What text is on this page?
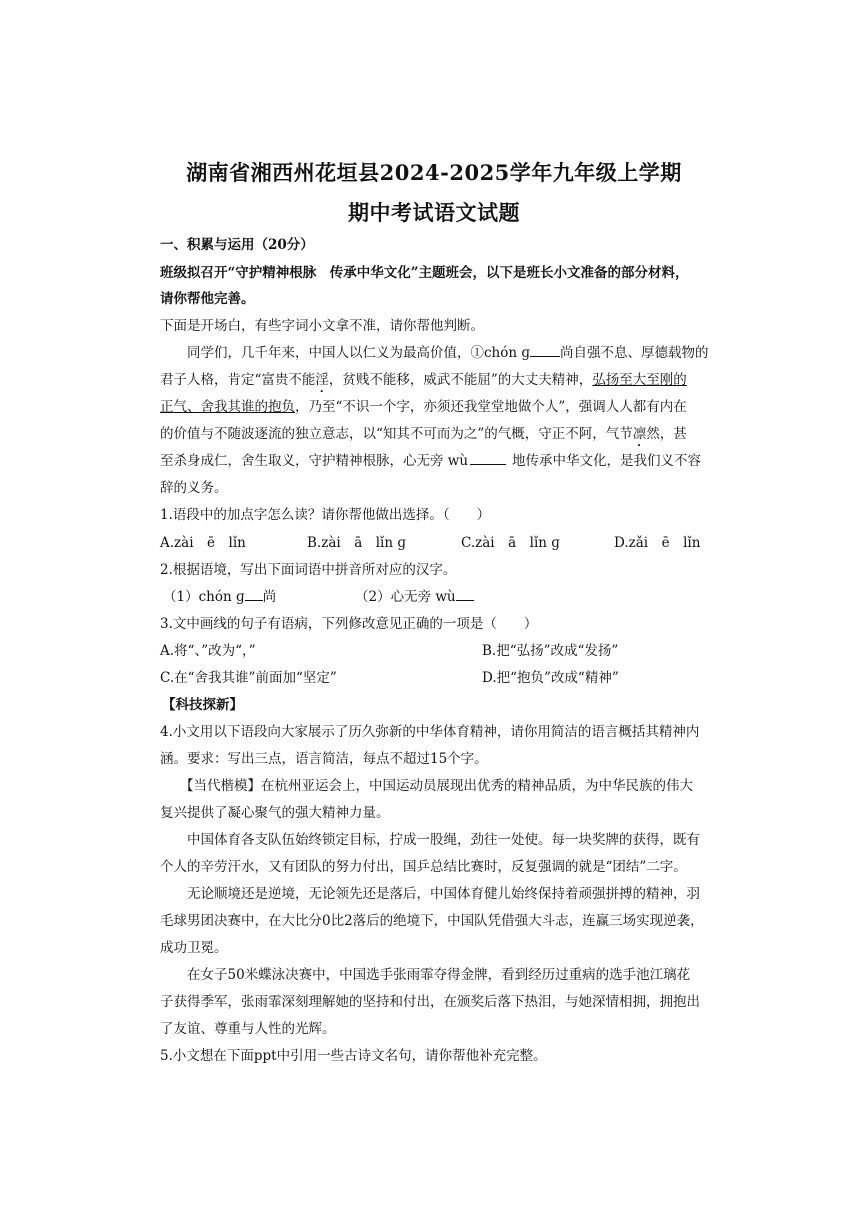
湖南省湘西州花垣县2024-2025学年九年级上学期
期中考试语文试题
一、积累与运用（20分）
班级拟召开“守护精神根脉　传承中华文化”主题班会，以下是班长小文准备的部分材料，
请你帮他完善。
下面是开场白，有些字词小文拿不准，请你帮他判断。
同学们，几千年来，中国人以仁义为最高价值，①chón ɡ 尚自强不息、厚德载物的
君子人格，肯定“富贵不能淫，贫贱不能移，威武不能屈”的大丈夫精神，弘扬至大至刚的
正气、舍我其谁的抱负，乃至“不识一个字，亦须还我堂堂地做个人”，强调人人都有内在
的价值与不随波逐流的独立意志，以“知其不可而为之”的气概，守正不阿，气节凛然，甚
至杀身成仁，舍生取义，守护精神根脉，心无旁 wù	地传承中华文化，是我们义不容
辞的义务。
1.语段中的加点字怎么读？请你帮他做出选择。（　　）
A.zài　ē　lǐn	B.zài　ā　lǐn ɡ	C.zài　ā　lǐn ɡ	D.zǎi　ē　lǐn
2.根据语境，写出下面词语中拼音所对应的汉字。
（1）chón ɡ 尚	（2）心无旁 wù
3.文中画线的句子有语病，下列修改意见正确的一项是（　　）
A.将“、”改为“，”	B.把“弘扬”改成“发扬”
C.在“舍我其谁”前面加“坚定”	D.把“抱负”改成“精神”
【科技探新】
4.小文用以下语段向大家展示了历久弥新的中华体育精神，请你用简洁的语言概括其精神内
涵。要求：写出三点，语言简洁，每点不超过15个字。
【当代楷模】在杭州亚运会上，中国运动员展现出优秀的精神品质，为中华民族的伟大
复兴提供了凝心聚气的强大精神力量。
中国体育各支队伍始终锁定目标，拧成一股绳，劲往一处使。每一块奖牌的获得，既有
个人的辛劳汗水，又有团队的努力付出，国乒总结比赛时，反复强调的就是“团结”二字。
无论顺境还是逆境，无论领先还是落后，中国体育健儿始终保持着顽强拼搏的精神，羽
毛球男团决赛中，在大比分0比2落后的绝境下，中国队凭借强大斗志，连赢三场实现逆袭，
成功卫冕。
在女子50米蝶泳决赛中，中国选手张雨霏夺得金牌，看到经历过重病的选手池江璃花
子获得季军，张雨霏深刻理解她的坚持和付出，在颁奖后落下热泪，与她深情相拥，拥抱出
了友谊、尊重与人性的光辉。
5.小文想在下面ppt中引用一些古诗文名句，请你帮他补充完整。
